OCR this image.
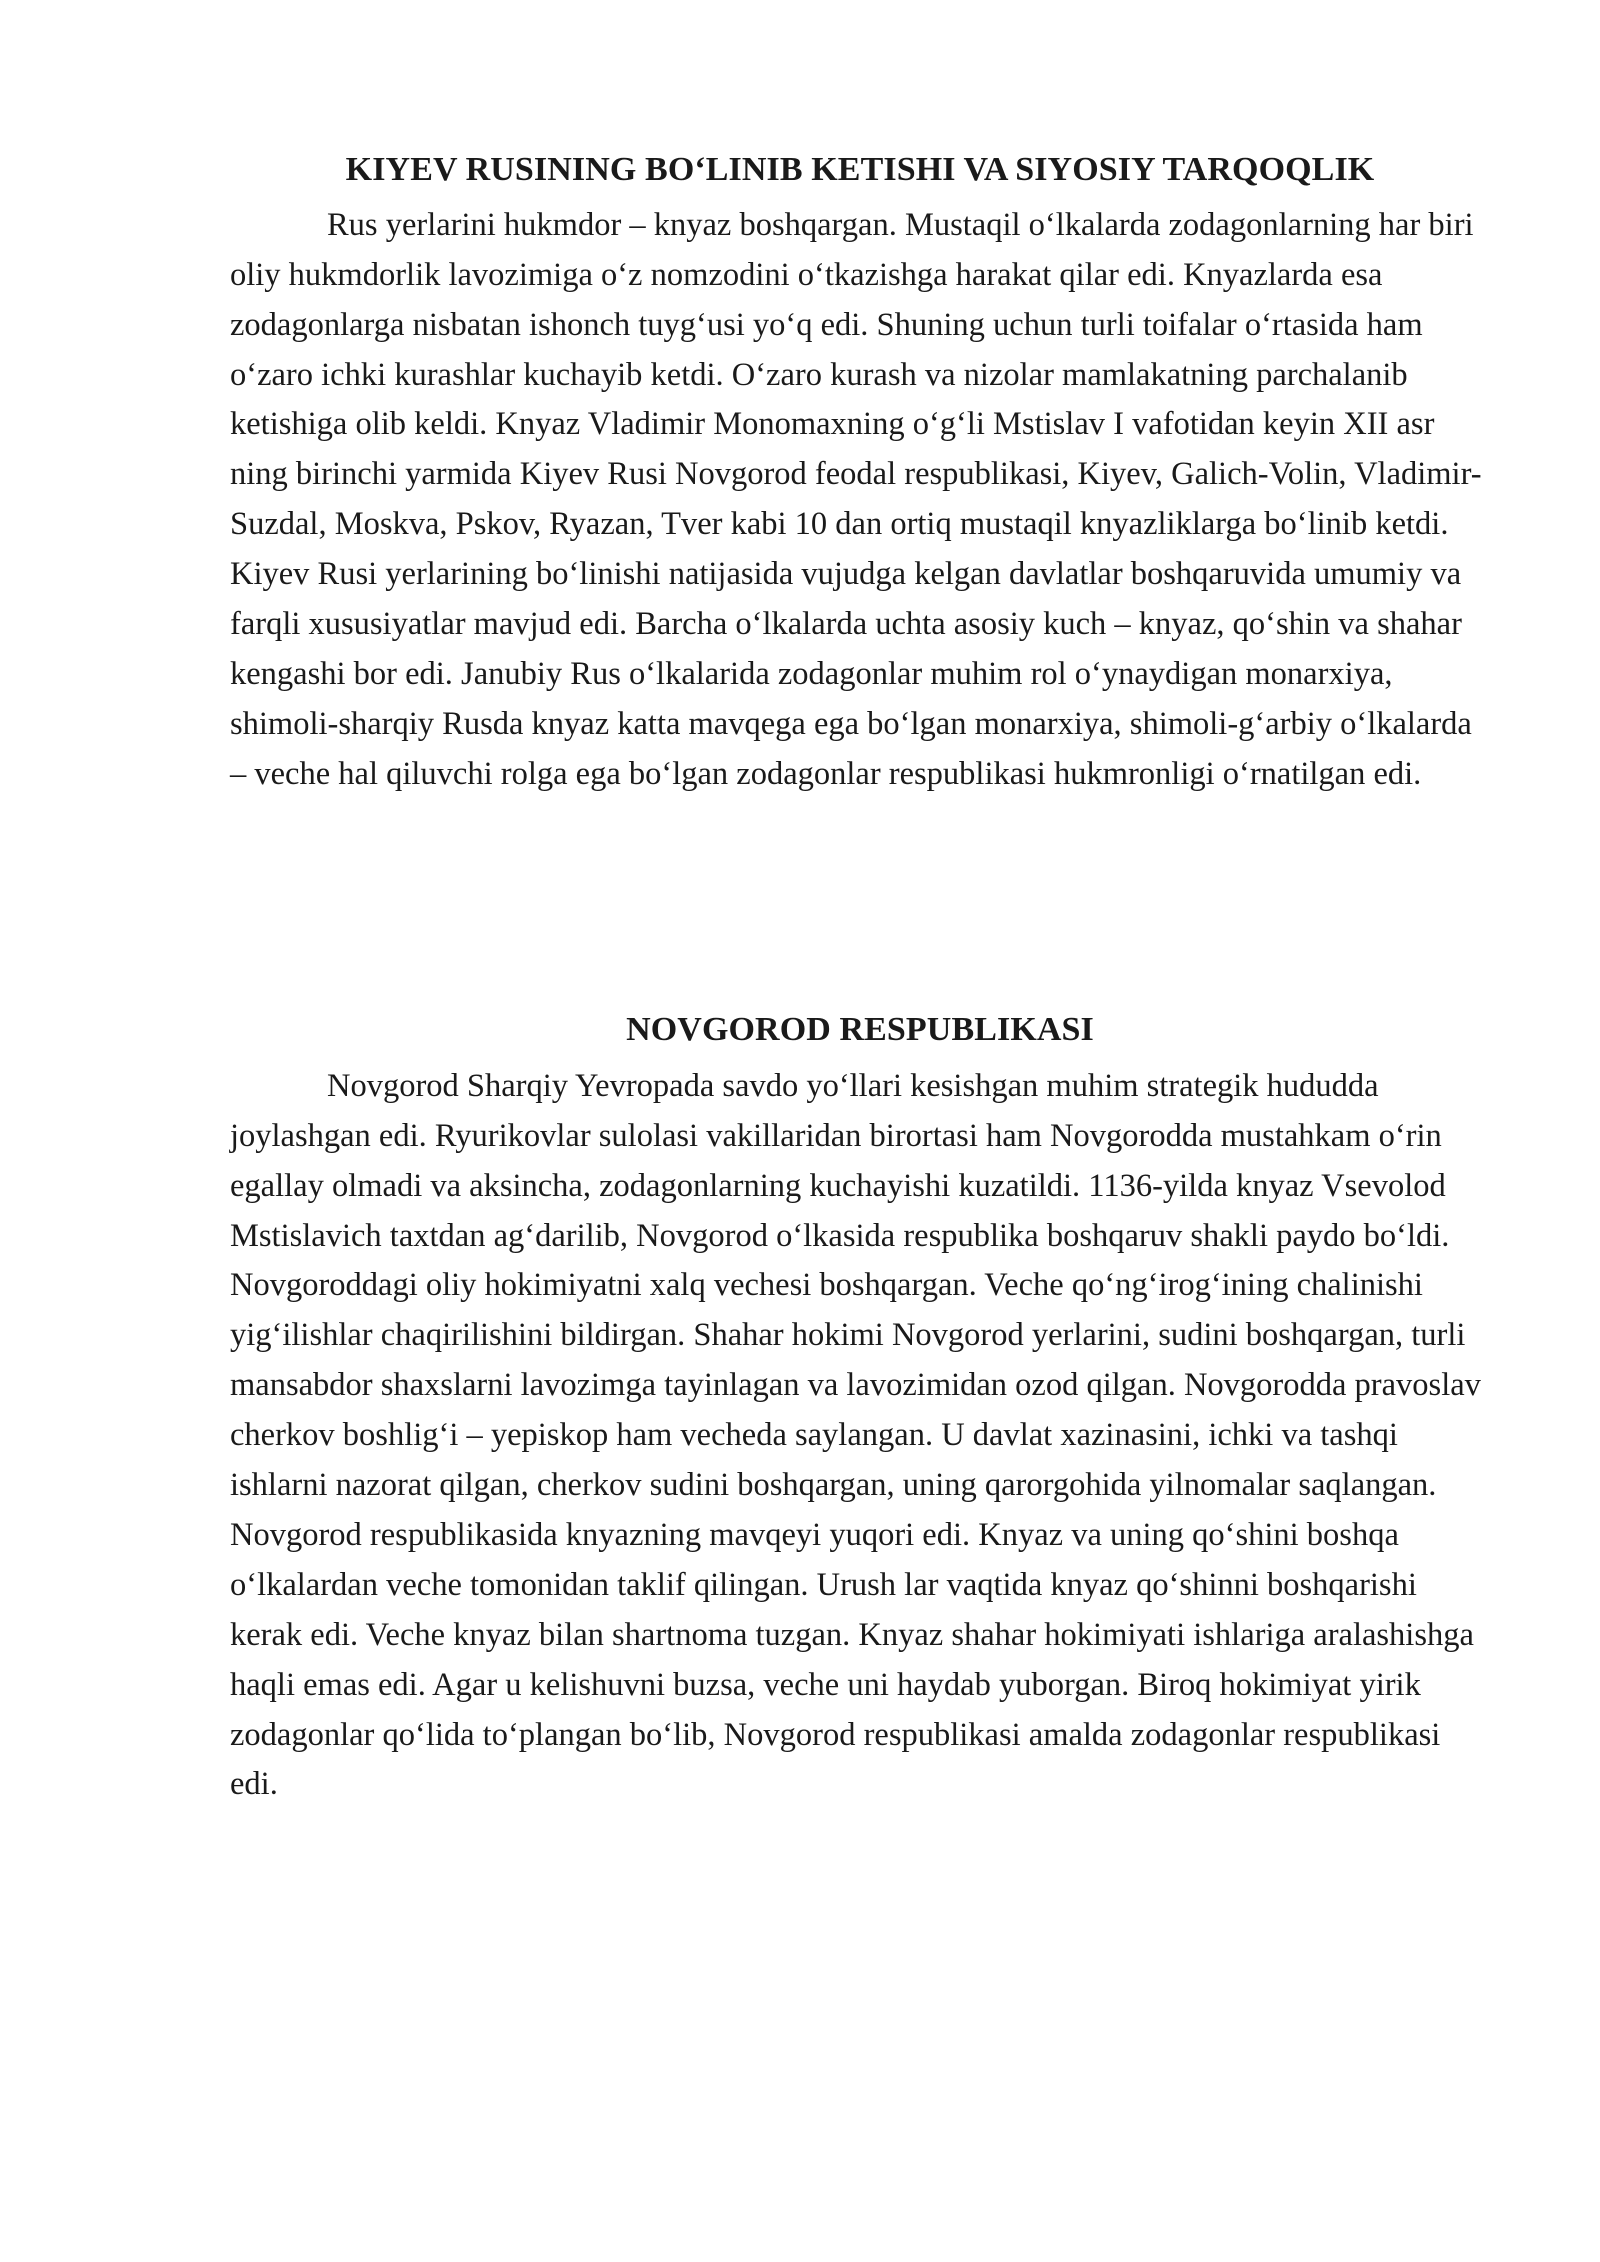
KIYEV RUSINING BO‘LINIB KETISHI VA SIYOSIY TARQOQLIK

Rus yerlarini hukmdor – knyaz boshqargan. Mustaqil o‘lkalarda zodagonlarning har biri oliy hukmdorlik lavozimiga o‘z nomzodini o‘tkazishga harakat qilar edi. Knyazlarda esa zodagonlarga nisbatan ishonch tuyg‘usi yo‘q edi. Shuning uchun turli toifalar o‘rtasida ham o‘zaro ichki kurashlar kuchayib ketdi. O‘zaro kurash va nizolar mamlakatning parchalanib ketishiga olib keldi. Knyaz Vladimir Monomaxning o‘g‘li Mstislav I vafotidan keyin XII asr ning birinchi yarmida Kiyev Rusi Novgorod feodal respublikasi, Kiyev, Galich-Volin, Vladimir-Suzdal, Moskva, Pskov, Ryazan, Tver kabi 10 dan ortiq mustaqil knyazliklarga bo‘linib ketdi. Kiyev Rusi yerlarining bo‘linishi natijasida vujudga kelgan davlatlar boshqaruvida umumiy va farqli xususiyatlar mavjud edi. Barcha o‘lkalarda uchta asosiy kuch – knyaz, qo‘shin va shahar kengashi bor edi. Janubiy Rus o‘lkalarida zodagonlar muhim rol o‘ynaydigan monarxiya, shimoli-sharqiy Rusda knyaz katta mavqega ega bo‘lgan monarxiya, shimoli-g‘arbiy o‘lkalarda – veche hal qiluvchi rolga ega bo‘lgan zodagonlar respublikasi hukmronligi o‘rnatilgan edi.

NOVGOROD RESPUBLIKASI

Novgorod Sharqiy Yevropada savdo yo‘llari kesishgan muhim strategik hududda joylashgan edi. Ryurikovlar sulolasi vakillaridan birortasi ham Novgorodda mustahkam o‘rin egallay olmadi va aksincha, zodagonlarning kuchayishi kuzatildi. 1136-yilda knyaz Vsevolod Mstislavich taxtdan ag‘darilib, Novgorod o‘lkasida respublika boshqaruv shakli paydo bo‘ldi. Novgoroddagi oliy hokimiyatni xalq vechesi boshqargan. Veche qo‘ng‘irog‘ining chalinishi yig‘ilishlar chaqirilishini bildirgan. Shahar hokimi Novgorod yerlarini, sudini boshqargan, turli mansabdor shaxslarni lavozimga tayinlagan va lavozimidan ozod qilgan. Novgorodda pravoslav cherkov boshlig‘i – yepiskop ham vecheda saylangan. U davlat xazinasini, ichki va tashqi ishlarni nazorat qilgan, cherkov sudini boshqargan, uning qarorgohida yilnomalar saqlangan. Novgorod respublikasida knyazning mavqeyi yuqori edi. Knyaz va uning qo‘shini boshqa o‘lkalardan veche tomonidan taklif qilingan. Urush lar vaqtida knyaz qo‘shinni boshqarishi kerak edi. Veche knyaz bilan shartnoma tuzgan. Knyaz shahar hokimiyati ishlariga aralashishga haqli emas edi. Agar u kelishuvni buzsa, veche uni haydab yuborgan. Biroq hokimiyat yirik zodagonlar qo‘lida to‘plangan bo‘lib, Novgorod respublikasi amalda zodagonlar respublikasi edi.
